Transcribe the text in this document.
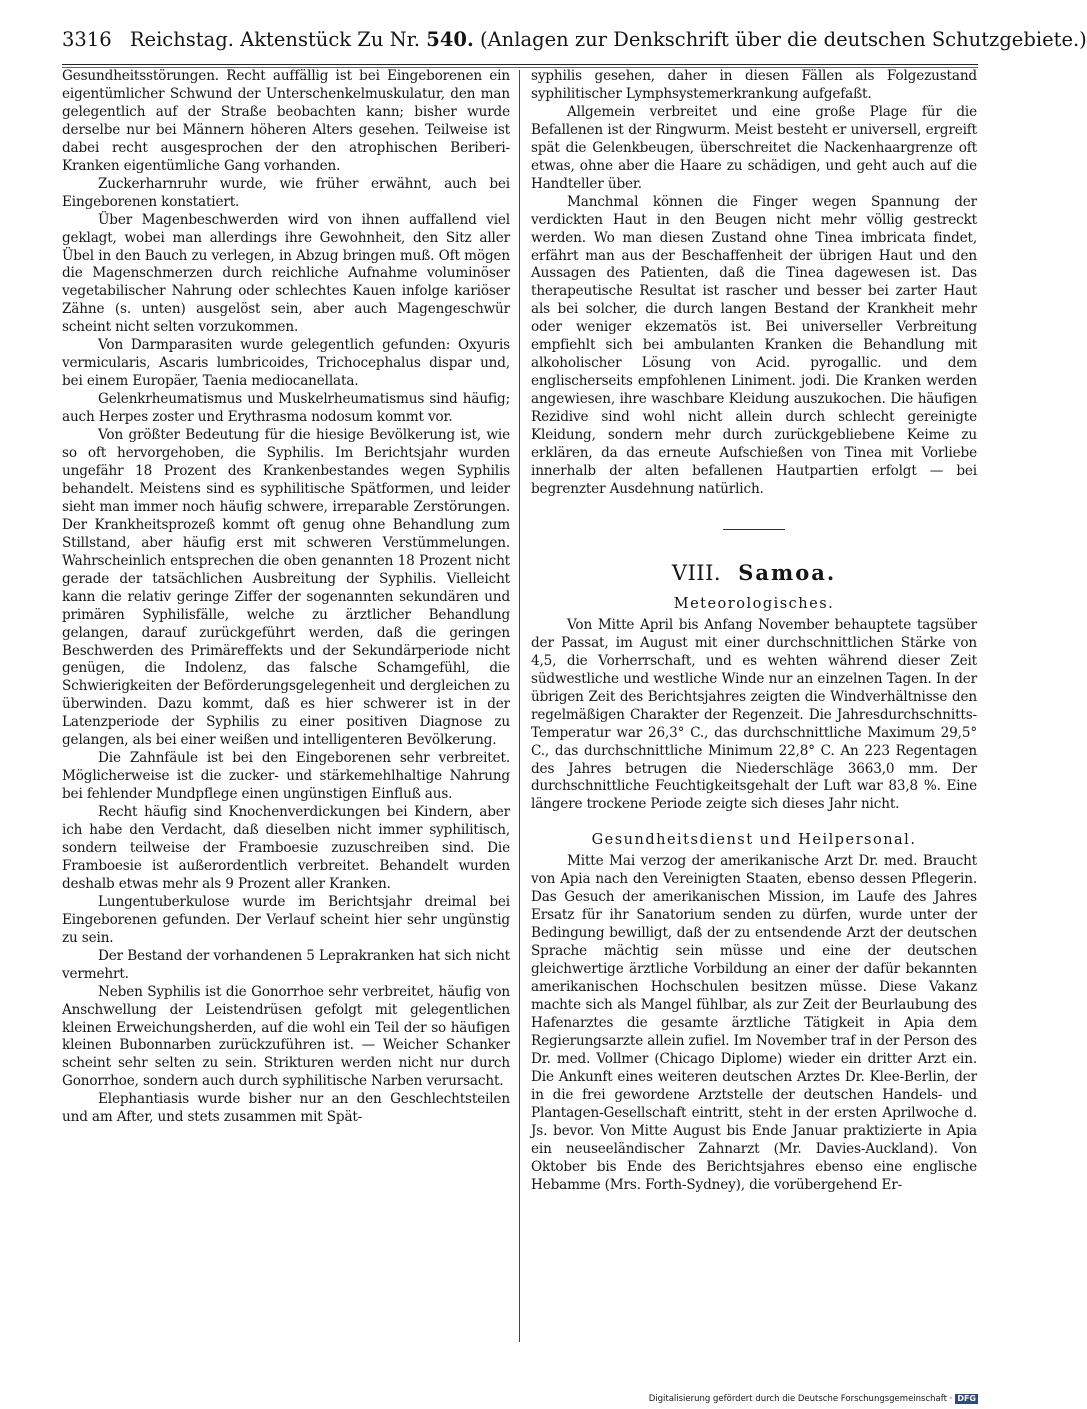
3316 Reichstag. Aktenstück Zu Nr. 540. (Anlagen zur Denkschrift über die deutschen Schutzgebiete.)

Gesundheitsstörungen. Recht auffällig ist bei Eingeborenen ein eigentümlicher Schwund der Unterschenkelmuskulatur, den man gelegentlich auf der Straße beobachten kann; bisher wurde derselbe nur bei Männern höheren Alters gesehen. Teilweise ist dabei recht ausgesprochen der den atrophischen Beriberi-Kranken eigentümliche Gang vorhanden.

Zuckerharnruhr wurde, wie früher erwähnt, auch bei Eingeborenen konstatiert.

Über Magenbeschwerden wird von ihnen auffallend viel geklagt, wobei man allerdings ihre Gewohnheit, den Sitz aller Übel in den Bauch zu verlegen, in Abzug bringen muß. Oft mögen die Magenschmerzen durch reichliche Aufnahme voluminöser vegetabilischer Nahrung oder schlechtes Kauen infolge kariöser Zähne (s. unten) ausgelöst sein, aber auch Magengeschwür scheint nicht selten vorzukommen.

Von Darmparasiten wurde gelegentlich gefunden: Oxyuris vermicularis, Ascaris lumbricoides, Trichocephalus dispar und, bei einem Europäer, Taenia mediocanellata.

Gelenkrheumatismus und Muskelrheumatismus sind häufig; auch Herpes zoster und Erythrasma nodosum kommt vor.

Von größter Bedeutung für die hiesige Bevölkerung ist, wie so oft hervorgehoben, die Syphilis. Im Berichtsjahr wurden ungefähr 18 Prozent des Krankenbestandes wegen Syphilis behandelt. Meistens sind es syphilitische Spätformen, und leider sieht man immer noch häufig schwere, irreparable Zerstörungen. Der Krankheitsprozeß kommt oft genug ohne Behandlung zum Stillstand, aber häufig erst mit schweren Verstümmelungen. Wahrscheinlich entsprechen die oben genannten 18 Prozent nicht gerade der tatsächlichen Ausbreitung der Syphilis. Vielleicht kann die relativ geringe Ziffer der sogenannten sekundären und primären Syphilisfälle, welche zu ärztlicher Behandlung gelangen, darauf zurückgeführt werden, daß die geringen Beschwerden des Primäreffekts und der Sekundärperiode nicht genügen, die Indolenz, das falsche Schamgefühl, die Schwierigkeiten der Beförderungsgelegenheit und dergleichen zu überwinden. Dazu kommt, daß es hier schwerer ist in der Latenzperiode der Syphilis zu einer positiven Diagnose zu gelangen, als bei einer weißen und intelligenteren Bevölkerung.

Die Zahnfäule ist bei den Eingeborenen sehr verbreitet. Möglicherweise ist die zucker- und stärkemehlhaltige Nahrung bei fehlender Mundpflege einen ungünstigen Einfluß aus.

Recht häufig sind Knochenverdickungen bei Kindern, aber ich habe den Verdacht, daß dieselben nicht immer syphilitisch, sondern teilweise der Framboesie zuzuschreiben sind. Die Framboesie ist außerordentlich verbreitet. Behandelt wurden deshalb etwas mehr als 9 Prozent aller Kranken.

Lungentuberkulose wurde im Berichtsjahr dreimal bei Eingeborenen gefunden. Der Verlauf scheint hier sehr ungünstig zu sein.

Der Bestand der vorhandenen 5 Leprakranken hat sich nicht vermehrt.

Neben Syphilis ist die Gonorrhoe sehr verbreitet, häufig von Anschwellung der Leistendrüsen gefolgt mit gelegentlichen kleinen Erweichungsherden, auf die wohl ein Teil der so häufigen kleinen Bubonnarben zurückzuführen ist. — Weicher Schanker scheint sehr selten zu sein. Strikturen werden nicht nur durch Gonorrhoe, sondern auch durch syphilitische Narben verursacht.

Elephantiasis wurde bisher nur an den Geschlechtsteilen und am After, und stets zusammen mit Spät-

syphilis gesehen, daher in diesen Fällen als Folgezustand syphilitischer Lymphsystemerkrankung aufgefaßt.

Allgemein verbreitet und eine große Plage für die Befallenen ist der Ringwurm. Meist besteht er universell, ergreift spät die Gelenkbeugen, überschreitet die Nackenhaargrenze oft etwas, ohne aber die Haare zu schädigen, und geht auch auf die Handteller über.

Manchmal können die Finger wegen Spannung der verdickten Haut in den Beugen nicht mehr völlig gestreckt werden. Wo man diesen Zustand ohne Tinea imbricata findet, erfährt man aus der Beschaffenheit der übrigen Haut und den Aussagen des Patienten, daß die Tinea dagewesen ist. Das therapeutische Resultat ist rascher und besser bei zarter Haut als bei solcher, die durch langen Bestand der Krankheit mehr oder weniger ekzematös ist. Bei universeller Verbreitung empfiehlt sich bei ambulanten Kranken die Behandlung mit alkoholischer Lösung von Acid. pyrogallic. und dem englischerseits empfohlenen Liniment. jodi. Die Kranken werden angewiesen, ihre waschbare Kleidung auszukochen. Die häufigen Rezidive sind wohl nicht allein durch schlecht gereinigte Kleidung, sondern mehr durch zurückgebliebene Keime zu erklären, da das erneute Aufschießen von Tinea mit Vorliebe innerhalb der alten befallenen Hautpartien erfolgt — bei begrenzter Ausdehnung natürlich.

VIII. Samoa.
Meteorologisches.

Von Mitte April bis Anfang November behauptete tagsüber der Passat, im August mit einer durchschnittlichen Stärke von 4,5, die Vorherrschaft, und es wehten während dieser Zeit südwestliche und westliche Winde nur an einzelnen Tagen. In der übrigen Zeit des Berichtsjahres zeigten die Windverhältnisse den regelmäßigen Charakter der Regenzeit. Die Jahresdurchschnitts-Temperatur war 26,3° C., das durchschnittliche Maximum 29,5° C., das durchschnittliche Minimum 22,8° C. An 223 Regentagen des Jahres betrugen die Niederschläge 3663,0 mm. Der durchschnittliche Feuchtigkeitsgehalt der Luft war 83,8 %. Eine längere trockene Periode zeigte sich dieses Jahr nicht.

Gesundheitsdienst und Heilpersonal.

Mitte Mai verzog der amerikanische Arzt Dr. med. Braucht von Apia nach den Vereinigten Staaten, ebenso dessen Pflegerin. Das Gesuch der amerikanischen Mission, im Laufe des Jahres Ersatz für ihr Sanatorium senden zu dürfen, wurde unter der Bedingung bewilligt, daß der zu entsendende Arzt der deutschen Sprache mächtig sein müsse und eine der deutschen gleichwertige ärztliche Vorbildung an einer der dafür bekannten amerikanischen Hochschulen besitzen müsse. Diese Vakanz machte sich als Mangel fühlbar, als zur Zeit der Beurlaubung des Hafenarztes die gesamte ärztliche Tätigkeit in Apia dem Regierungsarzte allein zufiel. Im November traf in der Person des Dr. med. Vollmer (Chicago Diplome) wieder ein dritter Arzt ein. Die Ankunft eines weiteren deutschen Arztes Dr. Klee-Berlin, der in die frei gewordene Arztstelle der deutschen Handels- und Plantagen-Gesellschaft eintritt, steht in der ersten Aprilwoche d. Js. bevor. Von Mitte August bis Ende Januar praktizierte in Apia ein neuseeländischer Zahnarzt (Mr. Davies-Auckland). Von Oktober bis Ende des Berichtsjahres ebenso eine englische Hebamme (Mrs. Forth-Sydney), die vorübergehend Er-

Digitalisierung gefördert durch die Deutsche Forschungsgemeinschaft · DFG
